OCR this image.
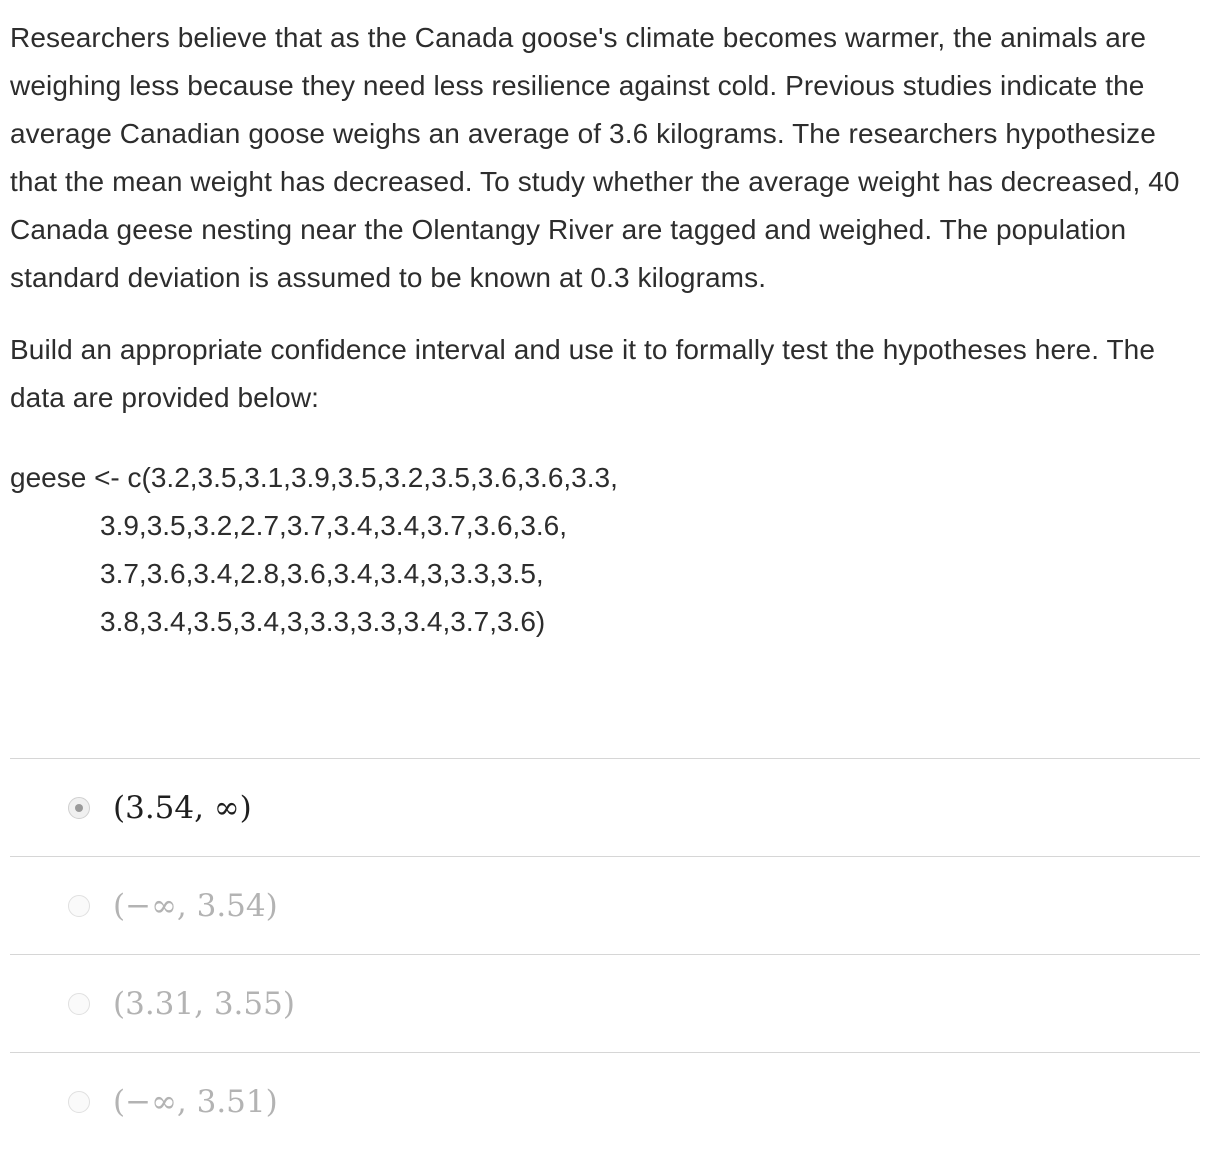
Researchers believe that as the Canada goose's climate becomes warmer, the animals are weighing less because they need less resilience against cold. Previous studies indicate the average Canadian goose weighs an average of 3.6 kilograms. The researchers hypothesize that the mean weight has decreased. To study whether the average weight has decreased, 40 Canada geese nesting near the Olentangy River are tagged and weighed. The population standard deviation is assumed to be known at 0.3 kilograms.

Build an appropriate confidence interval and use it to formally test the hypotheses here. The data are provided below:

geese <- c(3.2,3.5,3.1,3.9,3.5,3.2,3.5,3.6,3.6,3.3,
3.9,3.5,3.2,2.7,3.7,3.4,3.4,3.7,3.6,3.6,
3.7,3.6,3.4,2.8,3.6,3.4,3.4,3,3.3,3.5,
3.8,3.4,3.5,3.4,3,3.3,3.3,3.4,3.7,3.6)
(3.54, ∞)
(−∞, 3.54)
(3.31, 3.55)
(−∞, 3.51)
